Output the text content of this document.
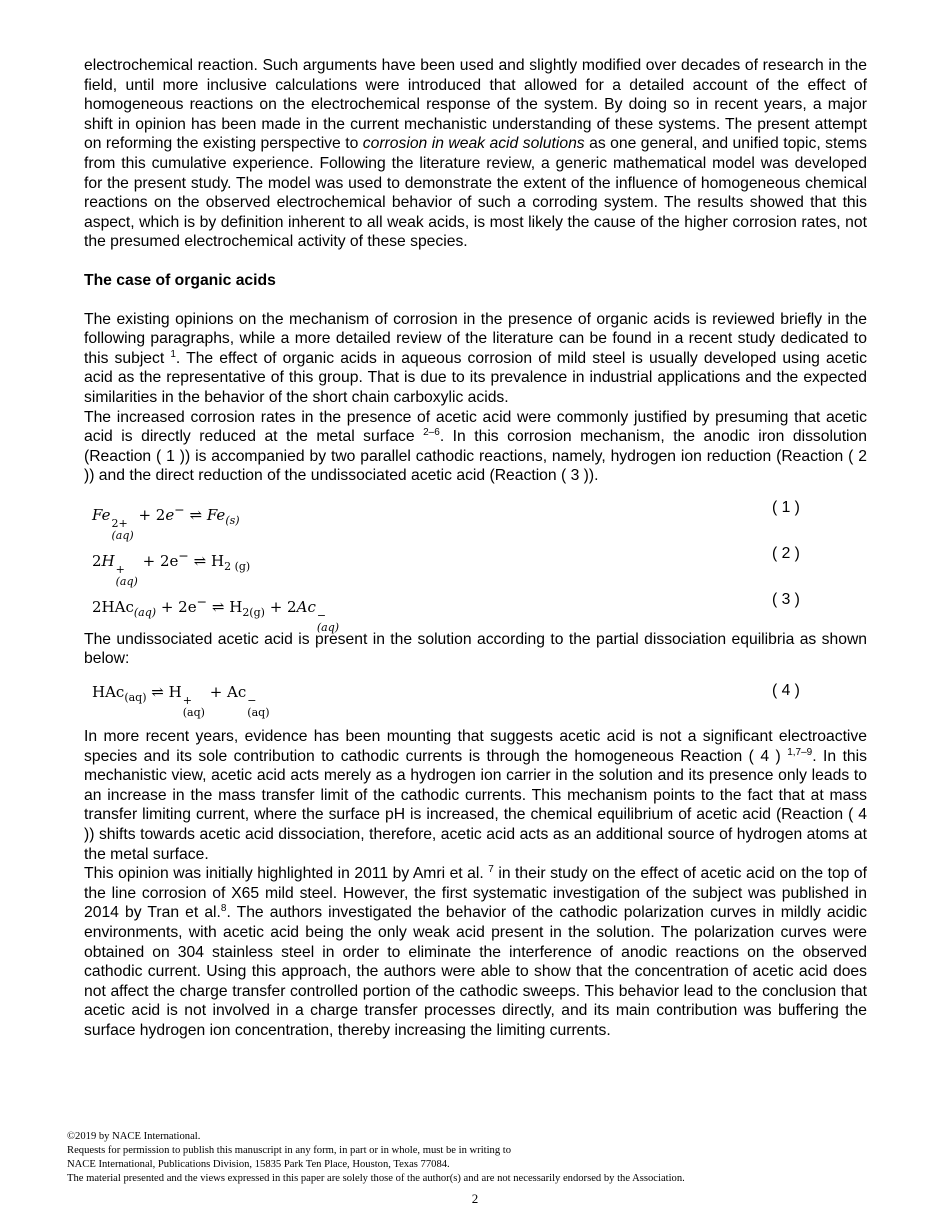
electrochemical reaction. Such arguments have been used and slightly modified over decades of research in the field, until more inclusive calculations were introduced that allowed for a detailed account of the effect of homogeneous reactions on the electrochemical response of the system. By doing so in recent years, a major shift in opinion has been made in the current mechanistic understanding of these systems. The present attempt on reforming the existing perspective to corrosion in weak acid solutions as one general, and unified topic, stems from this cumulative experience. Following the literature review, a generic mathematical model was developed for the present study. The model was used to demonstrate the extent of the influence of homogeneous chemical reactions on the observed electrochemical behavior of such a corroding system. The results showed that this aspect, which is by definition inherent to all weak acids, is most likely the cause of the higher corrosion rates, not the presumed electrochemical activity of these species.

The case of organic acids

The existing opinions on the mechanism of corrosion in the presence of organic acids is reviewed briefly in the following paragraphs, while a more detailed review of the literature can be found in a recent study dedicated to this subject $^1$. The effect of organic acids in aqueous corrosion of mild steel is usually developed using acetic acid as the representative of this group. That is due to its prevalence in industrial applications and the expected similarities in the behavior of the short chain carboxylic acids.

The increased corrosion rates in the presence of acetic acid were commonly justified by presuming that acetic acid is directly reduced at the metal surface $^{2-6}$. In this corrosion mechanism, the anodic iron dissolution (Reaction ( 1 )) is accompanied by two parallel cathodic reactions, namely, hydrogen ion reduction (Reaction ( 2 )) and the direct reduction of the undissociated acetic acid (Reaction ( 3 )).

Fe 2+
(aq)
+ 2e− ⇌ $Fe_{(s)}$
( 1 )
2H +
(aq)
+ 2e− ⇌ $H_{2 (g)}$
( 2 )
2HAc$_{(aq)}$ + 2e− ⇌ $H_{2(g)} + 2Ac$ −
(aq)
( 3 )

The undissociated acetic acid is present in the solution according to the partial dissociation equilibria as shown below:

HAc$_{(aq)}$ ⇌ H +
(aq)
+ Ac −
(aq)
( 4 )

In more recent years, evidence has been mounting that suggests acetic acid is not a significant electroactive species and its sole contribution to cathodic currents is through the homogeneous Reaction ( 4 ) $^{1,7-9}$. In this mechanistic view, acetic acid acts merely as a hydrogen ion carrier in the solution and its presence only leads to an increase in the mass transfer limit of the cathodic currents. This mechanism points to the fact that at mass transfer limiting current, where the surface pH is increased, the chemical equilibrium of acetic acid (Reaction ( 4 )) shifts towards acetic acid dissociation, therefore, acetic acid acts as an additional source of hydrogen atoms at the metal surface.

This opinion was initially highlighted in 2011 by Amri et al. $^7$ in their study on the effect of acetic acid on the top of the line corrosion of X65 mild steel. However, the first systematic investigation of the subject was published in 2014 by Tran et al.$^8$. The authors investigated the behavior of the cathodic polarization curves in mildly acidic environments, with acetic acid being the only weak acid present in the solution. The polarization curves were obtained on 304 stainless steel in order to eliminate the interference of anodic reactions on the observed cathodic current. Using this approach, the authors were able to show that the concentration of acetic acid does not affect the charge transfer controlled portion of the cathodic sweeps. This behavior lead to the conclusion that acetic acid is not involved in a charge transfer processes directly, and its main contribution was buffering the surface hydrogen ion concentration, thereby increasing the limiting currents.

©2019 by NACE International.
Requests for permission to publish this manuscript in any form, in part or in whole, must be in writing to
NACE International, Publications Division, 15835 Park Ten Place, Houston, Texas 77084.
The material presented and the views expressed in this paper are solely those of the author(s) and are not necessarily endorsed by the Association.
2
